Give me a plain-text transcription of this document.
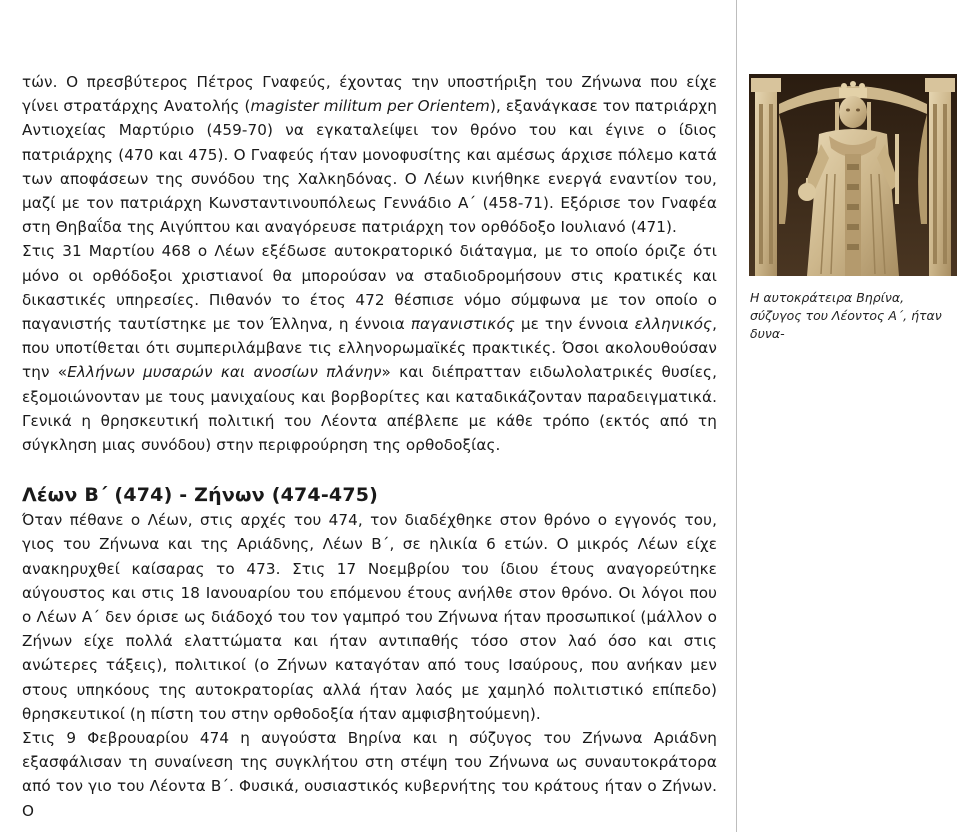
τών. Ο πρεσβύτερος Πέτρος Γναφεύς, έχοντας την υποστήριξη του Ζήνωνα που είχε γίνει στρατάρχης Ανατολής (magister militum per Orientem), εξανάγκασε τον πατριάρχη Αντιοχείας Μαρτύριο (459-70) να εγκαταλείψει τον θρόνο του και έγινε ο ίδιος πατριάρχης (470 και 475). Ο Γναφεύς ήταν μονοφυσίτης και αμέσως άρχισε πόλεμο κατά των αποφάσεων της συνόδου της Χαλκηδόνας. Ο Λέων κινήθηκε ενεργά εναντίον του, μαζί με τον πατριάρχη Κωνσταντινουπόλεως Γεννάδιο Α΄ (458-71). Εξόρισε τον Γναφέα στη Θηβαΐδα της Αιγύπτου και αναγόρευσε πατριάρχη τον ορθόδοξο Ιουλιανό (471).

Στις 31 Μαρτίου 468 ο Λέων εξέδωσε αυτοκρατορικό διάταγμα, με το οποίο όριζε ότι μόνο οι ορθόδοξοι χριστιανοί θα μπορούσαν να σταδιοδρομήσουν στις κρατικές και δικαστικές υπηρεσίες. Πιθανόν το έτος 472 θέσπισε νόμο σύμφωνα με τον οποίο ο παγανιστής ταυτίστηκε με τον Έλληνα, η έννοια παγανιστικός με την έννοια ελληνικός, που υποτίθεται ότι συμπεριλάμβανε τις ελληνορωμαϊκές πρακτικές. Όσοι ακολουθούσαν την «Ελλήνων μυσαρών και ανοσίων πλάνην» και διέπρατταν ειδωλολατρικές θυσίες, εξομοιώνονταν με τους μανιχαίους και βορβορίτες και καταδικάζονταν παραδειγματικά. Γενικά η θρησκευτική πολιτική του Λέοντα απέβλεπε με κάθε τρόπο (εκτός από τη σύγκληση μιας συνόδου) στην περιφρούρηση της ορθοδοξίας.

Λέων Β΄ (474) - Ζήνων (474-475)

Όταν πέθανε ο Λέων, στις αρχές του 474, τον διαδέχθηκε στον θρόνο ο εγγονός του, γιος του Ζήνωνα και της Αριάδνης, Λέων Β΄, σε ηλικία 6 ετών. Ο μικρός Λέων είχε ανακηρυχθεί καίσαρας το 473. Στις 17 Νοεμβρίου του ίδιου έτους αναγορεύτηκε αύγουστος και στις 18 Ιανουαρίου του επόμενου έτους ανήλθε στον θρόνο. Οι λόγοι που ο Λέων Α΄ δεν όρισε ως διάδοχό του τον γαμπρό του Ζήνωνα ήταν προσωπικοί (μάλλον ο Ζήνων είχε πολλά ελαττώματα και ήταν αντιπαθής τόσο στον λαό όσο και στις ανώτερες τάξεις), πολιτικοί (ο Ζήνων καταγόταν από τους Ισαύρους, που ανήκαν μεν στους υπηκόους της αυτοκρατορίας αλλά ήταν λαός με χαμηλό πολιτιστικό επίπεδο) θρησκευτικοί (η πίστη του στην ορθοδοξία ήταν αμφισβητούμενη).

Στις 9 Φεβρουαρίου 474 η αυγούστα Βηρίνα και η σύζυγος του Ζήνωνα Αριάδνη εξασφάλισαν τη συναίνεση της συγκλήτου στη στέψη του Ζήνωνα ως συναυτοκράτορα από τον γιο του Λέοντα Β΄. Φυσικά, ουσιαστικός κυβερνήτης του κράτους ήταν ο Ζήνων. Ο

Η αυτοκράτειρα Βηρίνα, σύζυγος του Λέοντος Α΄, ήταν δυνα-
